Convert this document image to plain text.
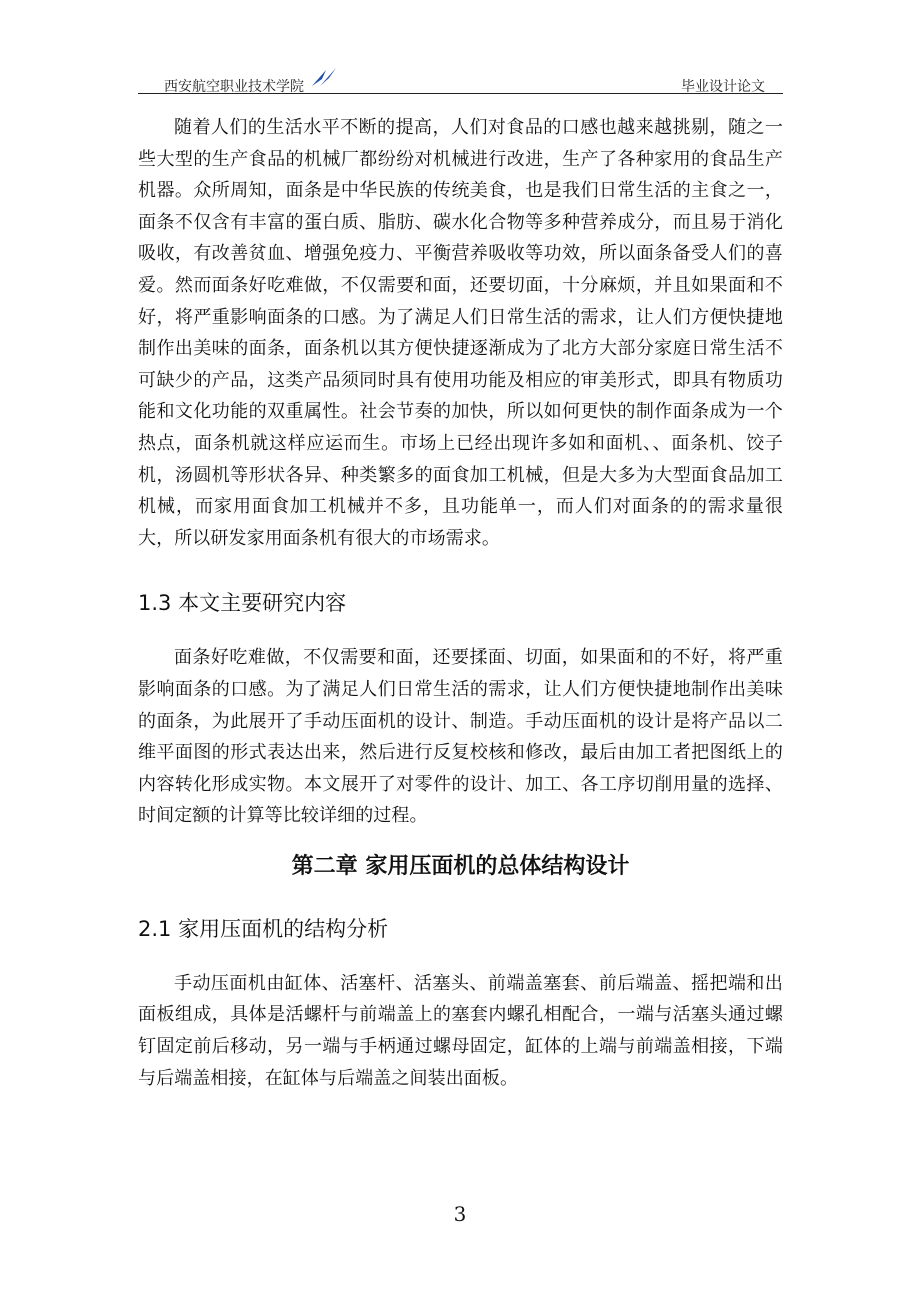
西安航空职业技术学院	毕业设计论文

随着人们的生活水平不断的提高，人们对食品的口感也越来越挑剔，随之一些大型的生产食品的机械厂都纷纷对机械进行改进，生产了各种家用的食品生产机器。众所周知，面条是中华民族的传统美食，也是我们日常生活的主食之一，面条不仅含有丰富的蛋白质、脂肪、碳水化合物等多种营养成分，而且易于消化吸收，有改善贫血、增强免疫力、平衡营养吸收等功效，所以面条备受人们的喜爱。然而面条好吃难做，不仅需要和面，还要切面，十分麻烦，并且如果面和不好，将严重影响面条的口感。为了满足人们日常生活的需求，让人们方便快捷地制作出美味的面条，面条机以其方便快捷逐渐成为了北方大部分家庭日常生活不可缺少的产品，这类产品须同时具有使用功能及相应的审美形式，即具有物质功能和文化功能的双重属性。社会节奏的加快，所以如何更快的制作面条成为一个热点，面条机就这样应运而生。市场上已经出现许多如和面机、、面条机、饺子机，汤圆机等形状各异、种类繁多的面食加工机械，但是大多为大型面食品加工机械，而家用面食加工机械并不多，且功能单一，而人们对面条的的需求量很大，所以研发家用面条机有很大的市场需求。

1.3 本文主要研究内容

面条好吃难做，不仅需要和面，还要揉面、切面，如果面和的不好，将严重影响面条的口感。为了满足人们日常生活的需求，让人们方便快捷地制作出美味的面条，为此展开了手动压面机的设计、制造。手动压面机的设计是将产品以二维平面图的形式表达出来，然后进行反复校核和修改，最后由加工者把图纸上的内容转化形成实物。本文展开了对零件的设计、加工、各工序切削用量的选择、时间定额的计算等比较详细的过程。

第二章 家用压面机的总体结构设计
2.1 家用压面机的结构分析

手动压面机由缸体、活塞杆、活塞头、前端盖塞套、前后端盖、摇把端和出面板组成，具体是活螺杆与前端盖上的塞套内螺孔相配合，一端与活塞头通过螺钉固定前后移动，另一端与手柄通过螺母固定，缸体的上端与前端盖相接，下端与后端盖相接，在缸体与后端盖之间装出面板。

3
